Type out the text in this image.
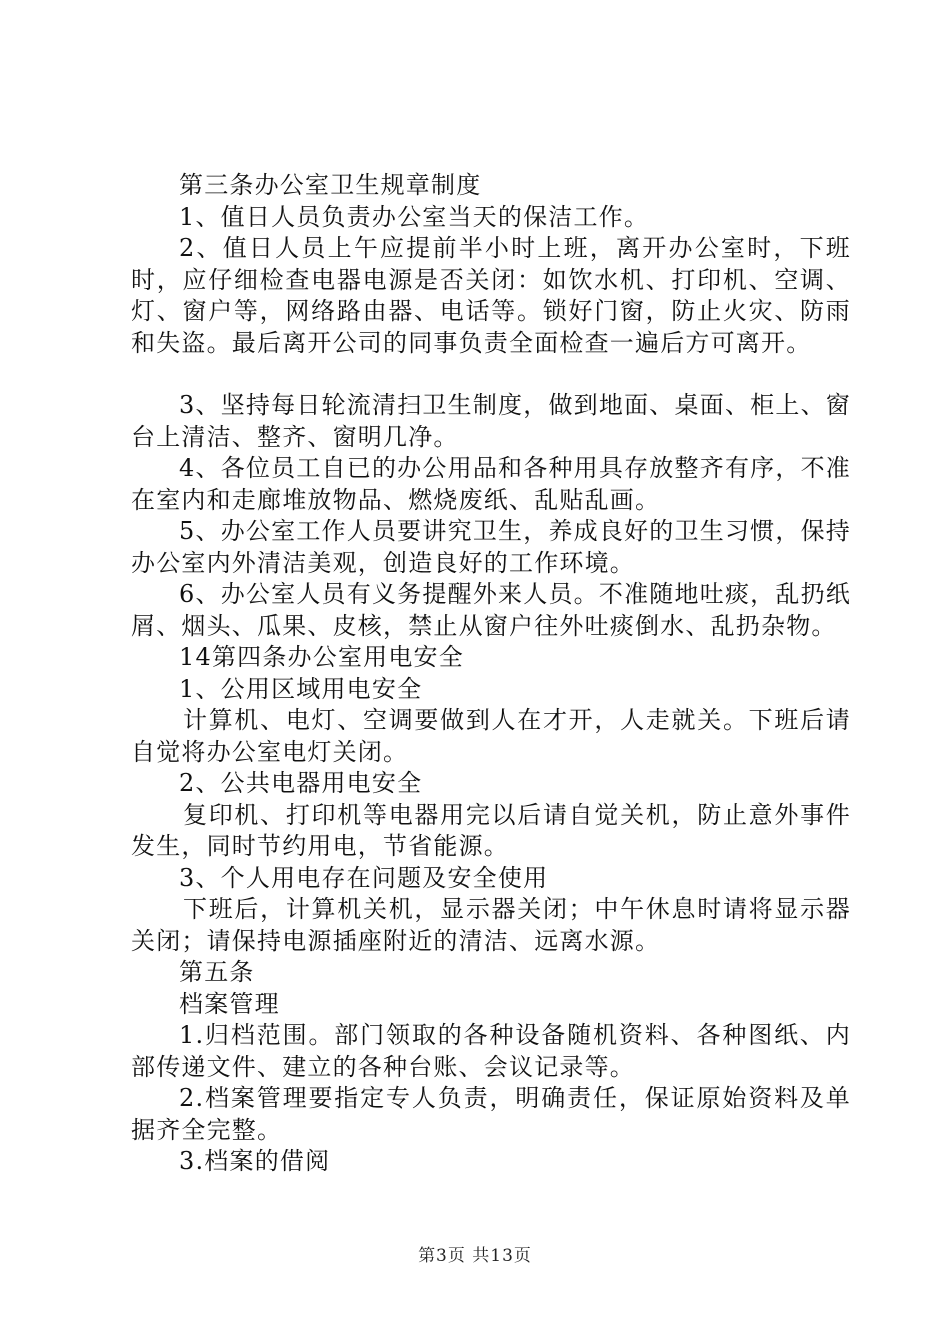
第三条办公室卫生规章制度

1、值日人员负责办公室当天的保洁工作。

2、值日人员上午应提前半小时上班，离开办公室时，下班时，应仔细检查电器电源是否关闭：如饮水机、打印机、空调、灯、窗户等，网络路由器、电话等。锁好门窗，防止火灾、防雨和失盗。最后离开公司的同事负责全面检查一遍后方可离开。

3、坚持每日轮流清扫卫生制度，做到地面、桌面、柜上、窗台上清洁、整齐、窗明几净。

4、各位员工自已的办公用品和各种用具存放整齐有序，不准在室内和走廊堆放物品、燃烧废纸、乱贴乱画。

5、办公室工作人员要讲究卫生，养成良好的卫生习惯，保持办公室内外清洁美观，创造良好的工作环境。

6、办公室人员有义务提醒外来人员。不准随地吐痰，乱扔纸屑、烟头、瓜果、皮核，禁止从窗户往外吐痰倒水、乱扔杂物。

14第四条办公室用电安全

1、公用区域用电安全

计算机、电灯、空调要做到人在才开，人走就关。下班后请自觉将办公室电灯关闭。

2、公共电器用电安全

复印机、打印机等电器用完以后请自觉关机，防止意外事件发生，同时节约用电，节省能源。

3、个人用电存在问题及安全使用

下班后，计算机关机，显示器关闭；中午休息时请将显示器关闭；请保持电源插座附近的清洁、远离水源。

第五条

档案管理

1.归档范围。部门领取的各种设备随机资料、各种图纸、内部传递文件、建立的各种台账、会议记录等。

2.档案管理要指定专人负责，明确责任，保证原始资料及单据齐全完整。

3.档案的借阅

第3页 共13页
